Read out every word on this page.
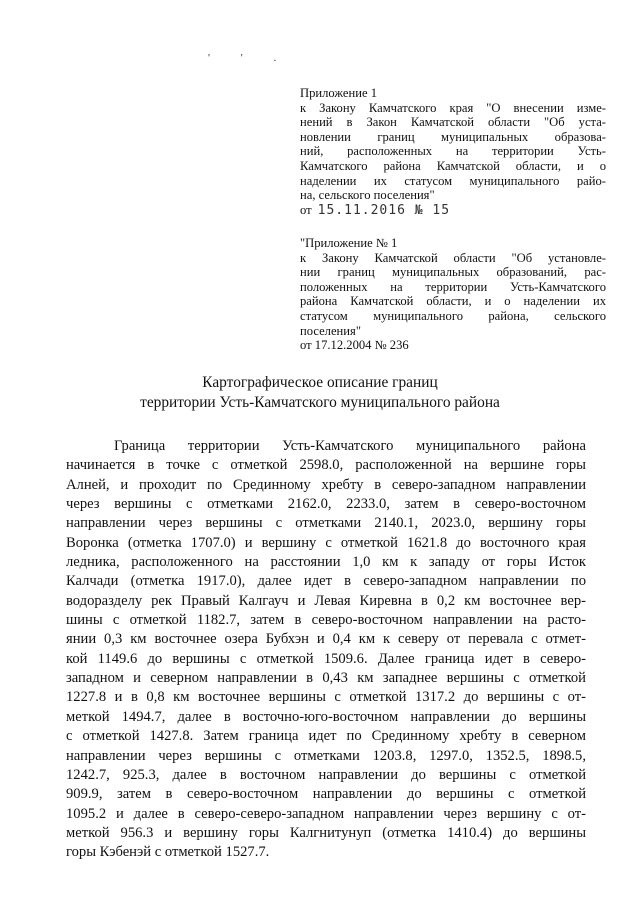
' ' .
Приложение 1
к Закону Камчатского края "О внесении изме-
нений в Закон Камчатской области "Об уста-
новлении границ муниципальных образова-
ний, расположенных на территории Усть-
Камчатского района Камчатской области, и о
наделении их статусом муниципального райо-
на, сельского поселения"
от 15.11.2016 № 15
"Приложение № 1
к Закону Камчатской области "Об установле-
нии границ муниципальных образований, рас-
положенных на территории Усть-Камчатского
района Камчатской области, и о наделении их
статусом муниципального района, сельского
поселения"
от 17.12.2004 № 236
Картографическое описание границ
территории Усть-Камчатского муниципального района
Граница территории Усть-Камчатского муниципального района
начинается в точке с отметкой 2598.0, расположенной на вершине горы
Алней, и проходит по Срединному хребту в северо-западном направлении
через вершины с отметками 2162.0, 2233.0, затем в северо-восточном
направлении через вершины с отметками 2140.1, 2023.0, вершину горы
Воронка (отметка 1707.0) и вершину с отметкой 1621.8 до восточного края
ледника, расположенного на расстоянии 1,0 км к западу от горы Исток
Калчади (отметка 1917.0), далее идет в северо-западном направлении по
водоразделу рек Правый Калгауч и Левая Киревна в 0,2 км восточнее вер-
шины с отметкой 1182.7, затем в северо-восточном направлении на расто-
янии 0,3 км восточнее озера Бубхэн и 0,4 км к северу от перевала с отмет-
кой 1149.6 до вершины с отметкой 1509.6. Далее граница идет в северо-
западном и северном направлении в 0,43 км западнее вершины с отметкой
1227.8 и в 0,8 км восточнее вершины с отметкой 1317.2 до вершины с от-
меткой 1494.7, далее в восточно-юго-восточном направлении до вершины
с отметкой 1427.8. Затем граница идет по Срединному хребту в северном
направлении через вершины с отметками 1203.8, 1297.0, 1352.5, 1898.5,
1242.7, 925.3, далее в восточном направлении до вершины с отметкой
909.9, затем в северо-восточном направлении до вершины с отметкой
1095.2 и далее в северо-северо-западном направлении через вершину с от-
меткой 956.3 и вершину горы Калгнитунуп (отметка 1410.4) до вершины
горы Кэбенэй с отметкой 1527.7.
